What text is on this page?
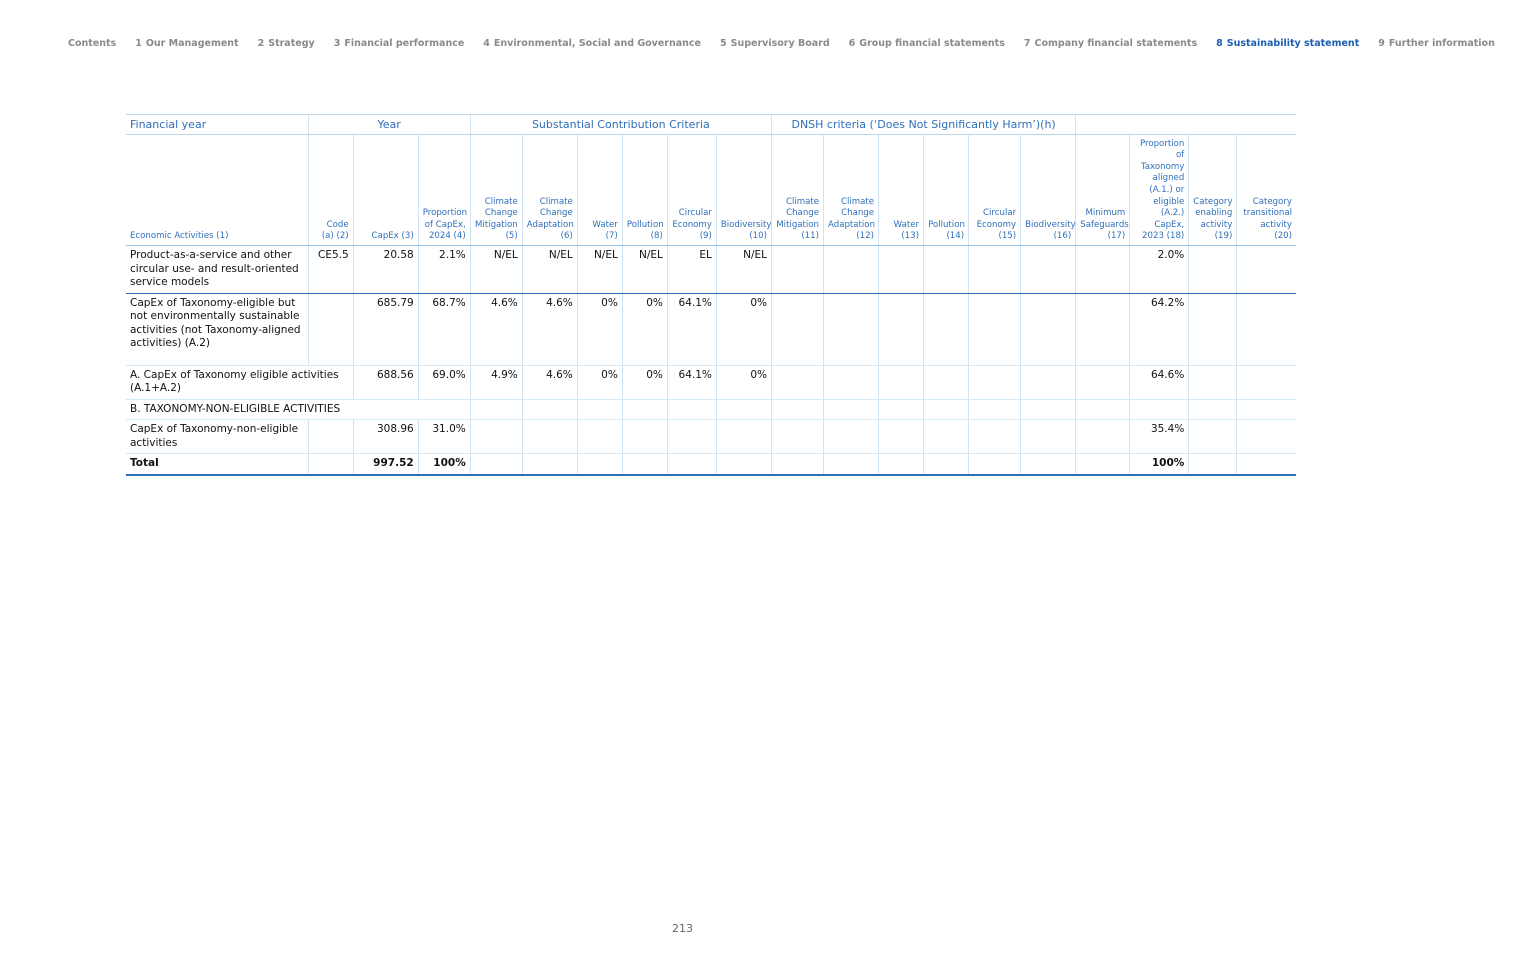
Contents 1 Our Management 2 Strategy 3 Financial performance 4 Environmental, Social and Governance 5 Supervisory Board 6 Group financial statements 7 Company financial statements 8 Sustainability statement 9 Further information
Financial year	Year			Substantial Contribution Criteria						DNSH criteria (‘Does Not Significantly Harm’)(h)									
Economic Activities (1)	Code (a) (2)	CapEx (3)	Proportion of CapEx, 2024 (4)	Climate Change Mitigation (5)	Climate Change Adaptation (6)	Water (7)	Pollution (8)	Circular Economy (9)	Biodiversity (10)	Climate Change Mitigation (11)	Climate Change Adaptation (12)	Water (13)	Pollution (14)	Circular Economy (15)	Biodiversity (16)	Minimum Safeguards (17)	Proportion of Taxonomy aligned (A.1.) or eligible (A.2.) CapEx, 2023 (18)	Category enabling activity (19)	Category transitional activity (20)
Product-as-a-service and other circular use- and result-oriented service models	CE5.5	20.58	2.1%	N/EL	N/EL	N/EL	N/EL	EL	N/EL								2.0%		
CapEx of Taxonomy-eligible but not environmentally sustainable activities (not Taxonomy-aligned activities) (A.2)		685.79	68.7%	4.6%	4.6%	0%	0%	64.1%	0%								64.2%		
A. CapEx of Taxonomy eligible activities (A.1+A.2)		688.56	69.0%	4.9%	4.6%	0%	0%	64.1%	0%								64.6%		
B. TAXONOMY-NON-ELIGIBLE ACTIVITIES																			
CapEx of Taxonomy-non-eligible activities		308.96	31.0%														35.4%		
Total		997.52	100%														100%		
213
